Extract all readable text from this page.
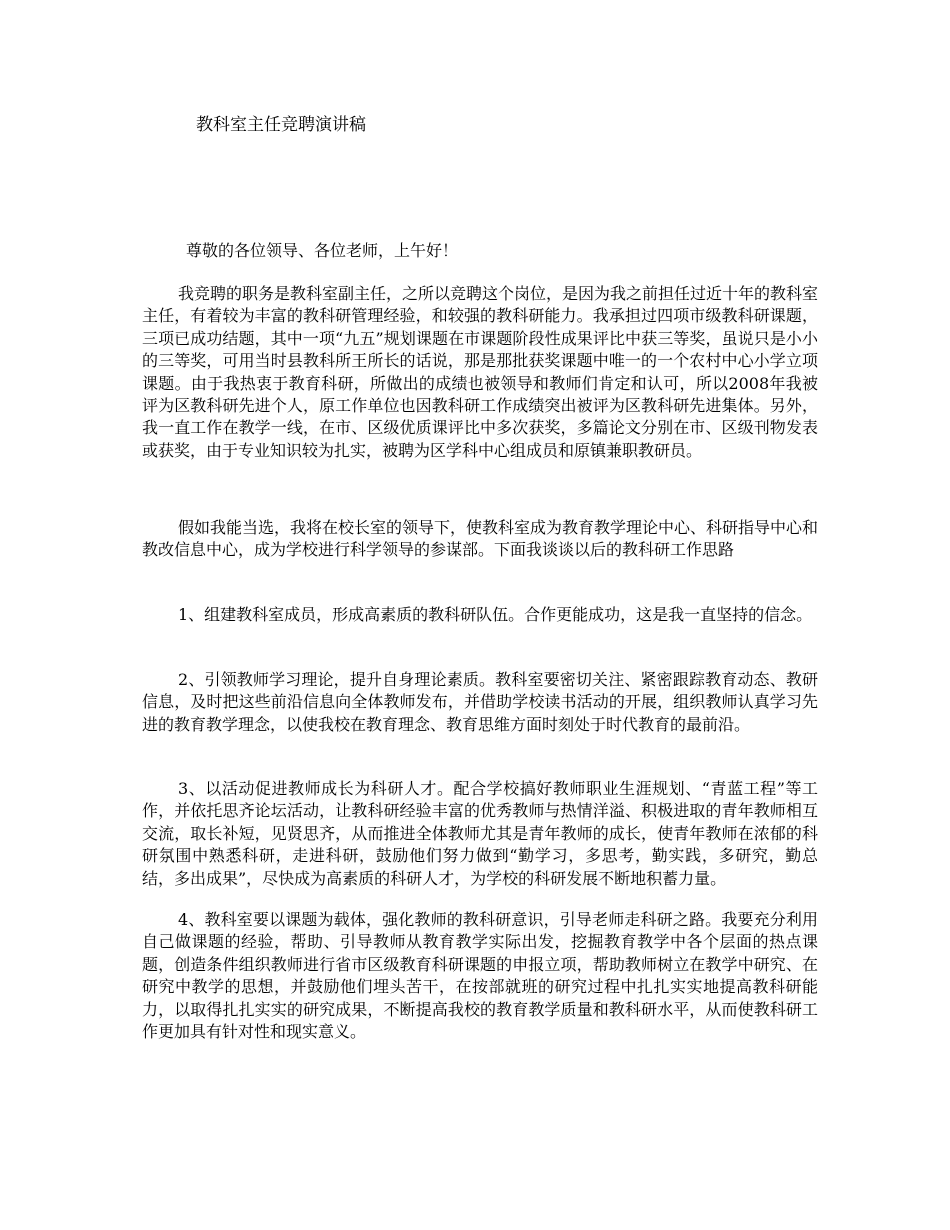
教科室主任竞聘演讲稿

尊敬的各位领导、各位老师，上午好！

我竞聘的职务是教科室副主任，之所以竞聘这个岗位，是因为我之前担任过近十年的教科室主任，有着较为丰富的教科研管理经验，和较强的教科研能力。我承担过四项市级教科研课题，三项已成功结题，其中一项“九五”规划课题在市课题阶段性成果评比中获三等奖，虽说只是小小的三等奖，可用当时县教科所王所长的话说，那是那批获奖课题中唯一的一个农村中心小学立项课题。由于我热衷于教育科研，所做出的成绩也被领导和教师们肯定和认可，所以2008年我被评为区教科研先进个人，原工作单位也因教科研工作成绩突出被评为区教科研先进集体。另外，我一直工作在教学一线，在市、区级优质课评比中多次获奖，多篇论文分别在市、区级刊物发表或获奖，由于专业知识较为扎实，被聘为区学科中心组成员和原镇兼职教研员。

假如我能当选，我将在校长室的领导下，使教科室成为教育教学理论中心、科研指导中心和教改信息中心，成为学校进行科学领导的参谋部。下面我谈谈以后的教科研工作思路

1、组建教科室成员，形成高素质的教科研队伍。合作更能成功，这是我一直坚持的信念。

2、引领教师学习理论，提升自身理论素质。教科室要密切关注、紧密跟踪教育动态、教研信息，及时把这些前沿信息向全体教师发布，并借助学校读书活动的开展，组织教师认真学习先进的教育教学理念，以使我校在教育理念、教育思维方面时刻处于时代教育的最前沿。

3、以活动促进教师成长为科研人才。配合学校搞好教师职业生涯规划、“青蓝工程”等工作，并依托思齐论坛活动，让教科研经验丰富的优秀教师与热情洋溢、积极进取的青年教师相互交流，取长补短，见贤思齐，从而推进全体教师尤其是青年教师的成长，使青年教师在浓郁的科研氛围中熟悉科研，走进科研，鼓励他们努力做到“勤学习，多思考，勤实践，多研究，勤总结，多出成果”，尽快成为高素质的科研人才，为学校的科研发展不断地积蓄力量。

4、教科室要以课题为载体，强化教师的教科研意识，引导老师走科研之路。我要充分利用自己做课题的经验，帮助、引导教师从教育教学实际出发，挖掘教育教学中各个层面的热点课题，创造条件组织教师进行省市区级教育科研课题的申报立项，帮助教师树立在教学中研究、在研究中教学的思想，并鼓励他们埋头苦干，在按部就班的研究过程中扎扎实实地提高教科研能力，以取得扎扎实实的研究成果，不断提高我校的教育教学质量和教科研水平，从而使教科研工作更加具有针对性和现实意义。
